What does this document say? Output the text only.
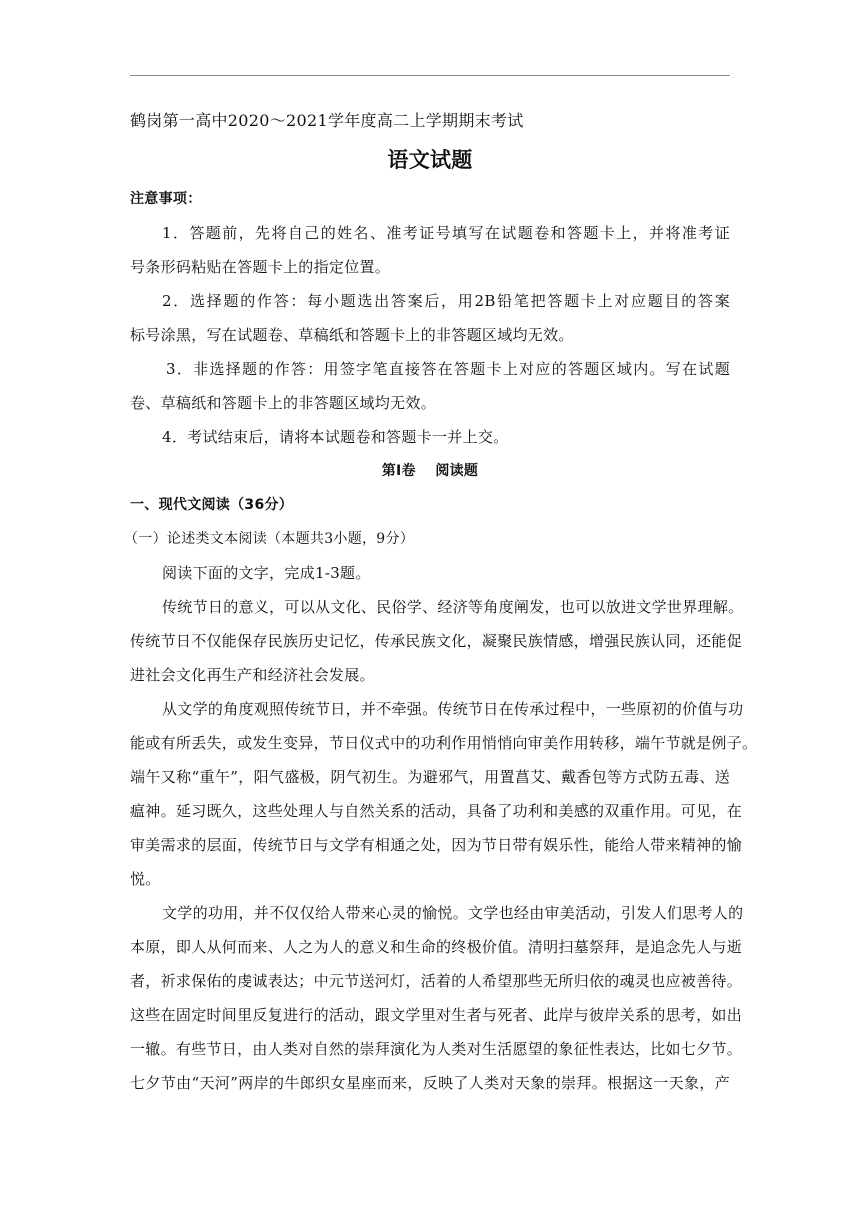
鹤岗第一高中2020～2021学年度高二上学期期末考试
语文试题
注意事项：
1．答题前，先将自己的姓名、准考证号填写在试题卷和答题卡上，并将准考证
号条形码粘贴在答题卡上的指定位置。
2．选择题的作答：每小题选出答案后，用2B铅笔把答题卡上对应题目的答案
标号涂黑，写在试题卷、草稿纸和答题卡上的非答题区域均无效。
3．非选择题的作答：用签字笔直接答在答题卡上对应的答题区域内。写在试题
卷、草稿纸和答题卡上的非答题区域均无效。
4．考试结束后，请将本试题卷和答题卡一并上交。
第Ⅰ卷　 阅读题
一、现代文阅读（36分）
（一）论述类文本阅读（本题共3小题，9分）
阅读下面的文字，完成1-3题。
传统节日的意义，可以从文化、民俗学、经济等角度阐发，也可以放进文学世界理解。
传统节日不仅能保存民族历史记忆，传承民族文化，凝聚民族情感，增强民族认同，还能促
进社会文化再生产和经济社会发展。
从文学的角度观照传统节日，并不牵强。传统节日在传承过程中，一些原初的价值与功
能或有所丢失，或发生变异，节日仪式中的功利作用悄悄向审美作用转移，端午节就是例子。
端午又称“重午”，阳气盛极，阴气初生。为避邪气，用置菖艾、戴香包等方式防五毒、送
瘟神。延习既久，这些处理人与自然关系的活动，具备了功利和美感的双重作用。可见，在
审美需求的层面，传统节日与文学有相通之处，因为节日带有娱乐性，能给人带来精神的愉
悦。
文学的功用，并不仅仅给人带来心灵的愉悦。文学也经由审美活动，引发人们思考人的
本原，即人从何而来、人之为人的意义和生命的终极价值。清明扫墓祭拜，是追念先人与逝
者，祈求保佑的虔诚表达；中元节送河灯，活着的人希望那些无所归依的魂灵也应被善待。
这些在固定时间里反复进行的活动，跟文学里对生者与死者、此岸与彼岸关系的思考，如出
一辙。有些节日，由人类对自然的崇拜演化为人类对生活愿望的象征性表达，比如七夕节。
七夕节由“天河”两岸的牛郎织女星座而来，反映了人类对天象的崇拜。根据这一天象，产
